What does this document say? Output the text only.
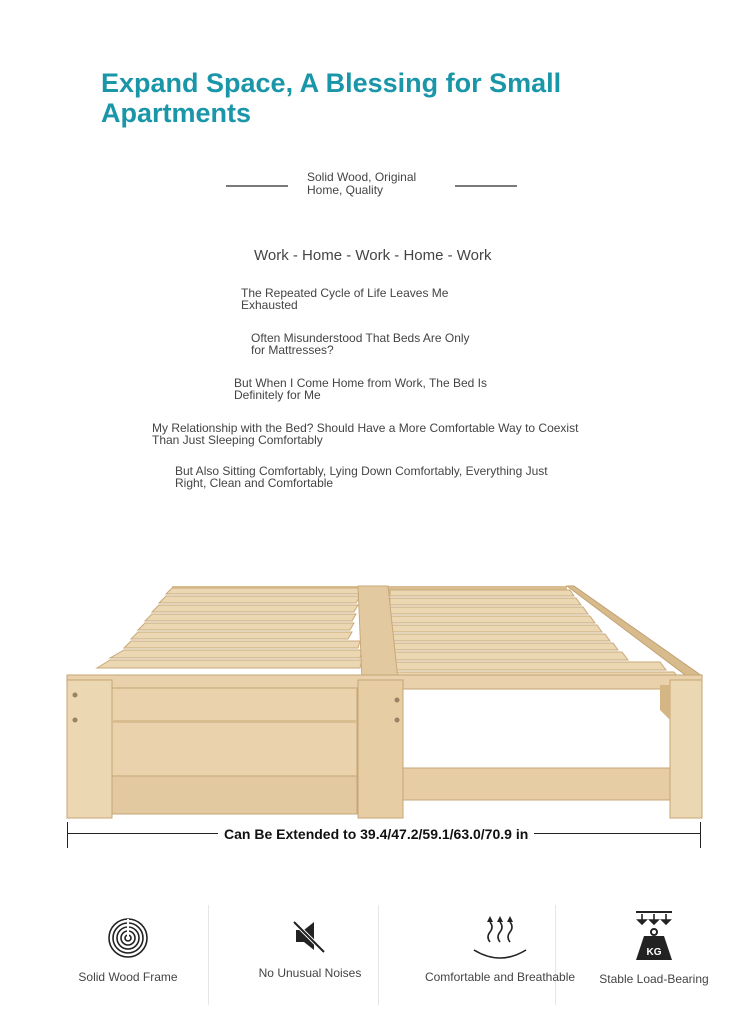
Expand Space, A Blessing for Small Apartments
Solid Wood, Original Home, Quality
Work - Home - Work - Home - Work
The Repeated Cycle of Life Leaves Me Exhausted
Often Misunderstood That Beds Are Only for Mattresses?
But When I Come Home from Work, The Bed Is Definitely for Me
My Relationship with the Bed? Should Have a More Comfortable Way to Coexist Than Just Sleeping Comfortably
But Also Sitting Comfortably, Lying Down Comfortably, Everything Just Right, Clean and Comfortable
Can Be Extended to 39.4/47.2/59.1/63.0/70.9 in
Solid Wood Frame	No Unusual Noises	Comfortable and Breathable
KG
Stable Load-Bearing
